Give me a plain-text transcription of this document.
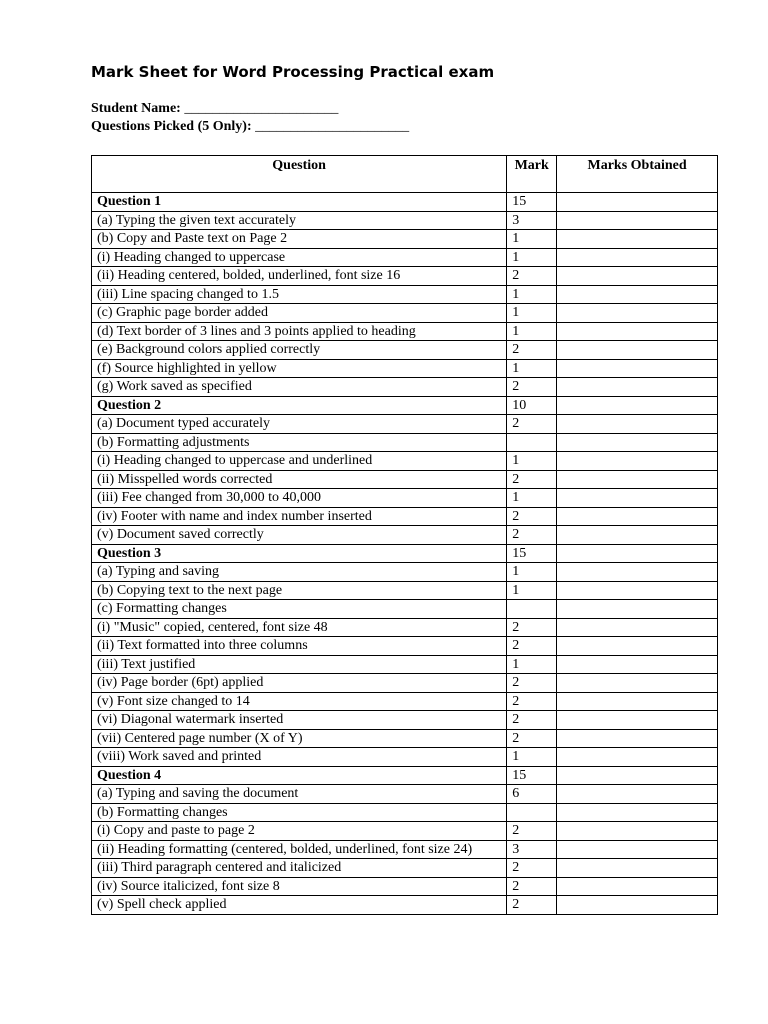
Mark Sheet for Word Processing Practical exam
Student Name: ______________________
Questions Picked (5 Only): ______________________
Question	Mark	Marks Obtained
Question 1	15	
(a) Typing the given text accurately	3	
(b) Copy and Paste text on Page 2	1	
(i) Heading changed to uppercase	1	
(ii) Heading centered, bolded, underlined, font size 16	2	
(iii) Line spacing changed to 1.5	1	
(c) Graphic page border added	1	
(d) Text border of 3 lines and 3 points applied to heading	1	
(e) Background colors applied correctly	2	
(f) Source highlighted in yellow	1	
(g) Work saved as specified	2	
Question 2	10	
(a) Document typed accurately	2	
(b) Formatting adjustments		
(i) Heading changed to uppercase and underlined	1	
(ii) Misspelled words corrected	2	
(iii) Fee changed from 30,000 to 40,000	1	
(iv) Footer with name and index number inserted	2	
(v) Document saved correctly	2	
Question 3	15	
(a) Typing and saving	1	
(b) Copying text to the next page	1	
(c) Formatting changes		
(i) "Music" copied, centered, font size 48	2	
(ii) Text formatted into three columns	2	
(iii) Text justified	1	
(iv) Page border (6pt) applied	2	
(v) Font size changed to 14	2	
(vi) Diagonal watermark inserted	2	
(vii) Centered page number (X of Y)	2	
(viii) Work saved and printed	1	
Question 4	15	
(a) Typing and saving the document	6	
(b) Formatting changes		
(i) Copy and paste to page 2	2	
(ii) Heading formatting (centered, bolded, underlined, font size 24)	3	
(iii) Third paragraph centered and italicized	2	
(iv) Source italicized, font size 8	2	
(v) Spell check applied	2	
